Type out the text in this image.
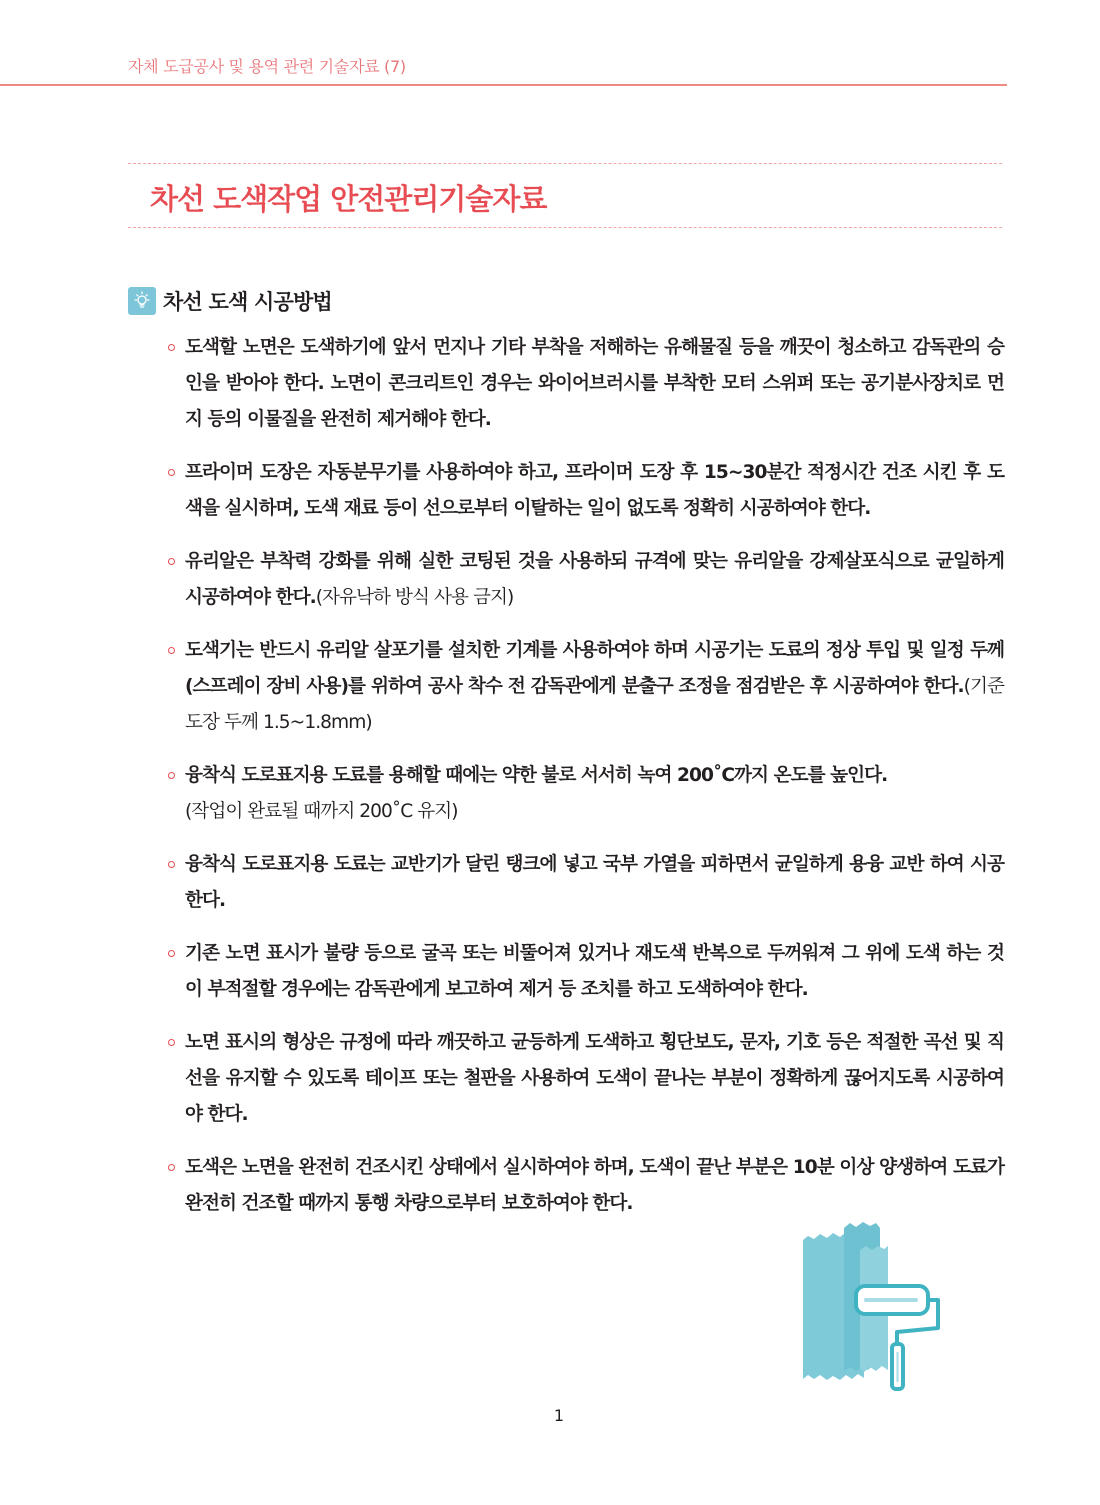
자체 도급공사 및 용역 관련 기술자료 (7)
차선 도색작업 안전관리기술자료
차선 도색 시공방법
도색할 노면은 도색하기에 앞서 먼지나 기타 부착을 저해하는 유해물질 등을 깨끗이 청소하고 감독관의 승인을 받아야 한다. 노면이 콘크리트인 경우는 와이어브러시를 부착한 모터 스위퍼 또는 공기분사장치로 먼지 등의 이물질을 완전히 제거해야 한다.
프라이머 도장은 자동분무기를 사용하여야 하고, 프라이머 도장 후 15~30분간 적정시간 건조 시킨 후 도색을 실시하며, 도색 재료 등이 선으로부터 이탈하는 일이 없도록 정확히 시공하여야 한다.
유리알은 부착력 강화를 위해 실한 코팅된 것을 사용하되 규격에 맞는 유리알을 강제살포식으로 균일하게 시공하여야 한다.(자유낙하 방식 사용 금지)
도색기는 반드시 유리알 살포기를 설치한 기계를 사용하여야 하며 시공기는 도료의 정상 투입 및 일정 두께(스프레이 장비 사용)를 위하여 공사 착수 전 감독관에게 분출구 조정을 점검받은 후 시공하여야 한다.(기준 도장 두께 1.5~1.8mm)
융착식 도로표지용 도료를 용해할 때에는 약한 불로 서서히 녹여 200˚C까지 온도를 높인다.
(작업이 완료될 때까지 200˚C 유지)
융착식 도로표지용 도료는 교반기가 달린 탱크에 넣고 국부 가열을 피하면서 균일하게 용융 교반 하여 시공한다.
기존 노면 표시가 불량 등으로 굴곡 또는 비뚤어져 있거나 재도색 반복으로 두꺼워져 그 위에 도색 하는 것이 부적절할 경우에는 감독관에게 보고하여 제거 등 조치를 하고 도색하여야 한다.
노면 표시의 형상은 규정에 따라 깨끗하고 균등하게 도색하고 횡단보도, 문자, 기호 등은 적절한 곡선 및 직선을 유지할 수 있도록 테이프 또는 철판을 사용하여 도색이 끝나는 부분이 정확하게 끊어지도록 시공하여야 한다.
도색은 노면을 완전히 건조시킨 상태에서 실시하여야 하며, 도색이 끝난 부분은 10분 이상 양생하여 도료가 완전히 건조할 때까지 통행 차량으로부터 보호하여야 한다.
1
